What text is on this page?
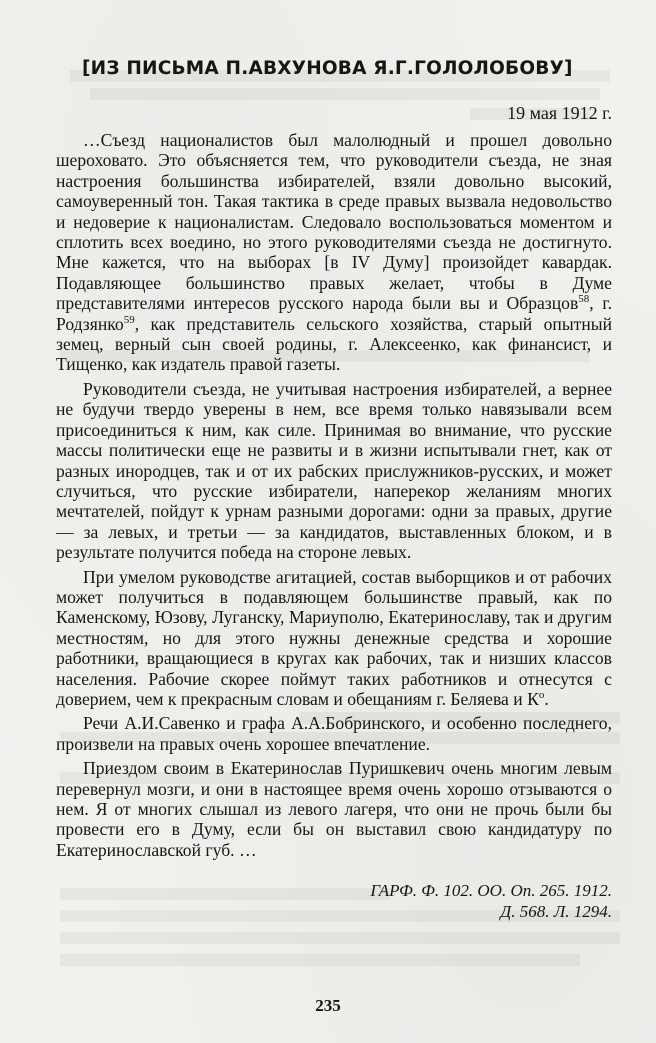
[ИЗ ПИСЬМА П.АВХУНОВА Я.Г.ГОЛОЛОБОВУ]
19 мая 1912 г.

…Съезд националистов был малолюдный и прошел довольно шероховато. Это объясняется тем, что руководители съезда, не зная настроения большинства избирателей, взяли довольно высокий, самоуверенный тон. Такая тактика в среде правых вызвала недовольство и недоверие к националистам. Следовало воспользоваться моментом и сплотить всех воедино, но этого руководителями съезда не достигнуто. Мне кажется, что на выборах [в IV Думу] произойдет кавардак. Подавляющее большинство правых желает, чтобы в Думе представителями интересов русского народа были вы и Образцов$^{58}$, г. Родзянко$^{59}$, как представитель сельского хозяйства, старый опытный земец, верный сын своей родины, г. Алексеенко, как финансист, и Тищенко, как издатель правой газеты.

Руководители съезда, не учитывая настроения избирателей, а вернее не будучи твердо уверены в нем, все время только навязывали всем присоединиться к ним, как силе. Принимая во внимание, что русские массы политически еще не развиты и в жизни испытывали гнет, как от разных инородцев, так и от их рабских прислужников-русских, и может случиться, что русские избиратели, наперекор желаниям многих мечтателей, пойдут к урнам разными дорогами: одни за правых, другие — за левых, и третьи — за кандидатов, выставленных блоком, и в результате получится победа на стороне левых.

При умелом руководстве агитацией, состав выборщиков и от рабочих может получиться в подавляющем большинстве правый, как по Каменскому, Юзову, Луганску, Мариуполю, Екатеринославу, так и другим местностям, но для этого нужны денежные средства и хорошие работники, вращающиеся в кругах как рабочих, так и низших классов населения. Рабочие скорее поймут таких работников и отнесутся с доверием, чем к прекрасным словам и обещаниям г. Беляева и К$^о$.

Речи А.И.Савенко и графа А.А.Бобринского, и особенно последнего, произвели на правых очень хорошее впечатление.

Приездом своим в Екатеринослав Пуришкевич очень многим левым перевернул мозги, и они в настоящее время очень хорошо отзываются о нем. Я от многих слышал из левого лагеря, что они не прочь были бы провести его в Думу, если бы он выставил свою кандидатуру по Екатеринославской губ. …

ГАРФ. Ф. 102. ОО. Оп. 265. 1912.
Д. 568. Л. 1294.
235
